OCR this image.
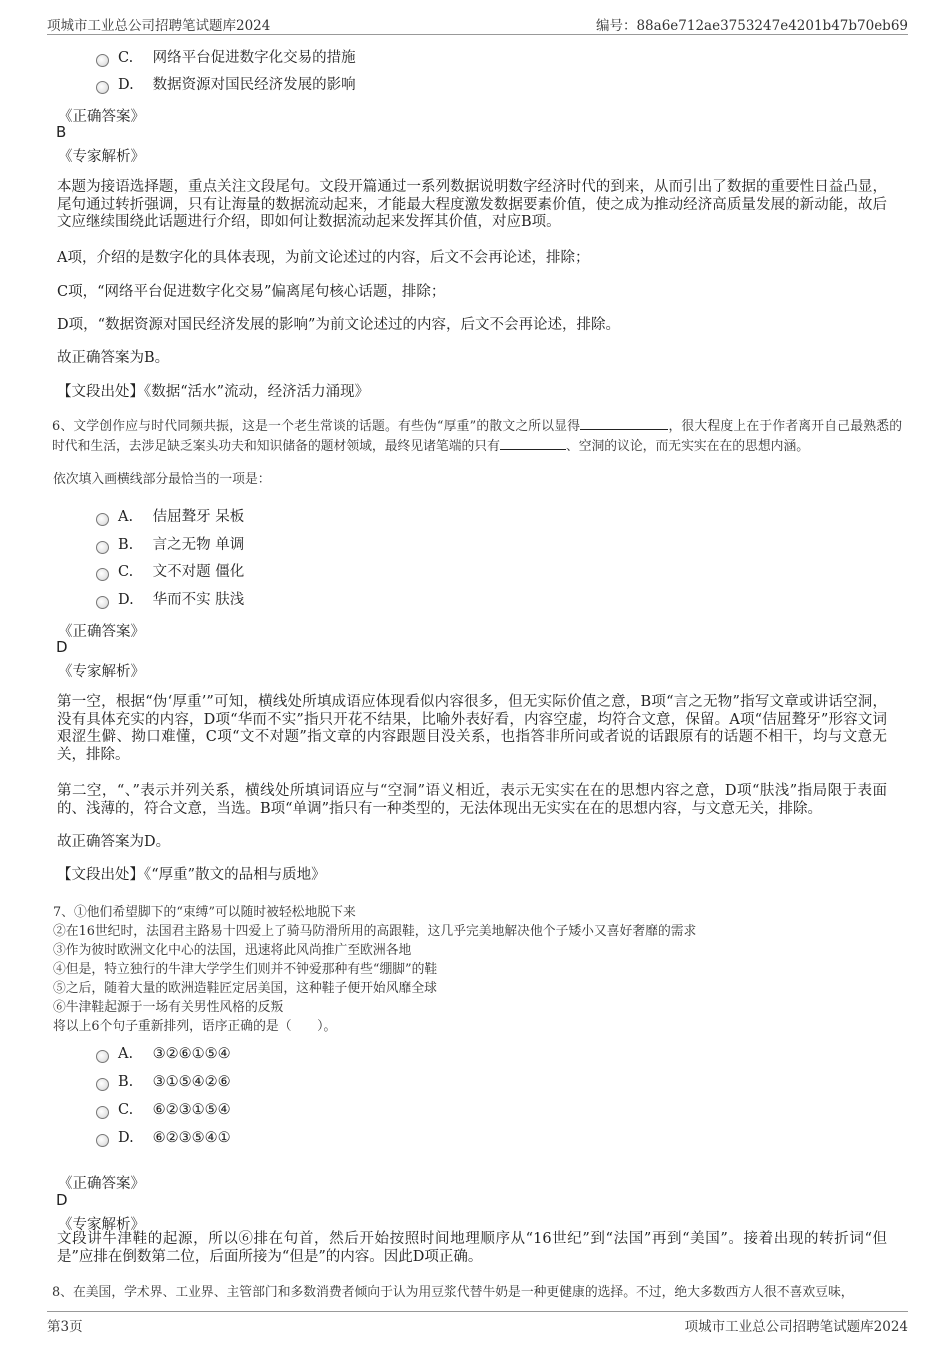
项城市工业总公司招聘笔试题库2024	编号：88a6e712ae3753247e4201b47b70eb69
C. 网络平台促进数字化交易的措施
D. 数据资源对国民经济发展的影响
《正确答案》
B
《专家解析》
本题为接语选择题，重点关注文段尾句。文段开篇通过一系列数据说明数字经济时代的到来，从而引出了数据的重要性日益凸显，尾句通过转折强调，只有让海量的数据流动起来，才能最大程度激发数据要素价值，使之成为推动经济高质量发展的新动能，故后文应继续围绕此话题进行介绍，即如何让数据流动起来发挥其价值，对应B项。
A项，介绍的是数字化的具体表现，为前文论述过的内容，后文不会再论述，排除；
C项，“网络平台促进数字化交易”偏离尾句核心话题，排除；
D项，“数据资源对国民经济发展的影响”为前文论述过的内容，后文不会再论述，排除。
故正确答案为B。
【文段出处】《数据“活水”流动，经济活力涌现》
6、文学创作应与时代同频共振，这是一个老生常谈的话题。有些伪“厚重”的散文之所以显得	，很大程度上在于作者离开自己最熟悉的时代和生活，去涉足缺乏案头功夫和知识储备的题材领域，最终见诸笔端的只有	、空洞的议论，而无实实在在的思想内涵。
依次填入画横线部分最恰当的一项是：
A. 佶屈聱牙 呆板
B. 言之无物 单调
C. 文不对题 僵化
D. 华而不实 肤浅
《正确答案》
D
《专家解析》
第一空，根据“伪‘厚重’”可知，横线处所填成语应体现看似内容很多，但无实际价值之意，B项“言之无物”指写文章或讲话空洞，没有具体充实的内容，D项“华而不实”指只开花不结果，比喻外表好看，内容空虚，均符合文意，保留。A项“佶屈聱牙”形容文词艰涩生僻、拗口难懂，C项“文不对题”指文章的内容跟题目没关系，也指答非所问或者说的话跟原有的话题不相干，均与文意无关，排除。
第二空，“、”表示并列关系，横线处所填词语应与“空洞”语义相近，表示无实实在在的思想内容之意，D项“肤浅”指局限于表面的、浅薄的，符合文意，当选。B项“单调”指只有一种类型的，无法体现出无实实在在的思想内容，与文意无关，排除。
故正确答案为D。
【文段出处】《“厚重”散文的品相与质地》
7、①他们希望脚下的“束缚”可以随时被轻松地脱下来
②在16世纪时，法国君主路易十四爱上了骑马防滑所用的高跟鞋，这几乎完美地解决他个子矮小又喜好奢靡的需求
③作为彼时欧洲文化中心的法国，迅速将此风尚推广至欧洲各地
④但是，特立独行的牛津大学学生们则并不钟爱那种有些“绷脚”的鞋
⑤之后，随着大量的欧洲造鞋匠定居美国，这种鞋子便开始风靡全球
⑥牛津鞋起源于一场有关男性风格的反叛
将以上6个句子重新排列，语序正确的是（　　）。
A. ③②⑥①⑤④
B. ③①⑤④②⑥
C. ⑥②③①⑤④
D. ⑥②③⑤④①
《正确答案》
D
《专家解析》
文段讲牛津鞋的起源，所以⑥排在句首，然后开始按照时间地理顺序从“16世纪”到“法国”再到“美国”。接着出现的转折词“但是”应排在倒数第二位，后面所接为“但是”的内容。因此D项正确。
8、在美国，学术界、工业界、主管部门和多数消费者倾向于认为用豆浆代替牛奶是一种更健康的选择。不过，绝大多数西方人很不喜欢豆味，
第3页	项城市工业总公司招聘笔试题库2024
